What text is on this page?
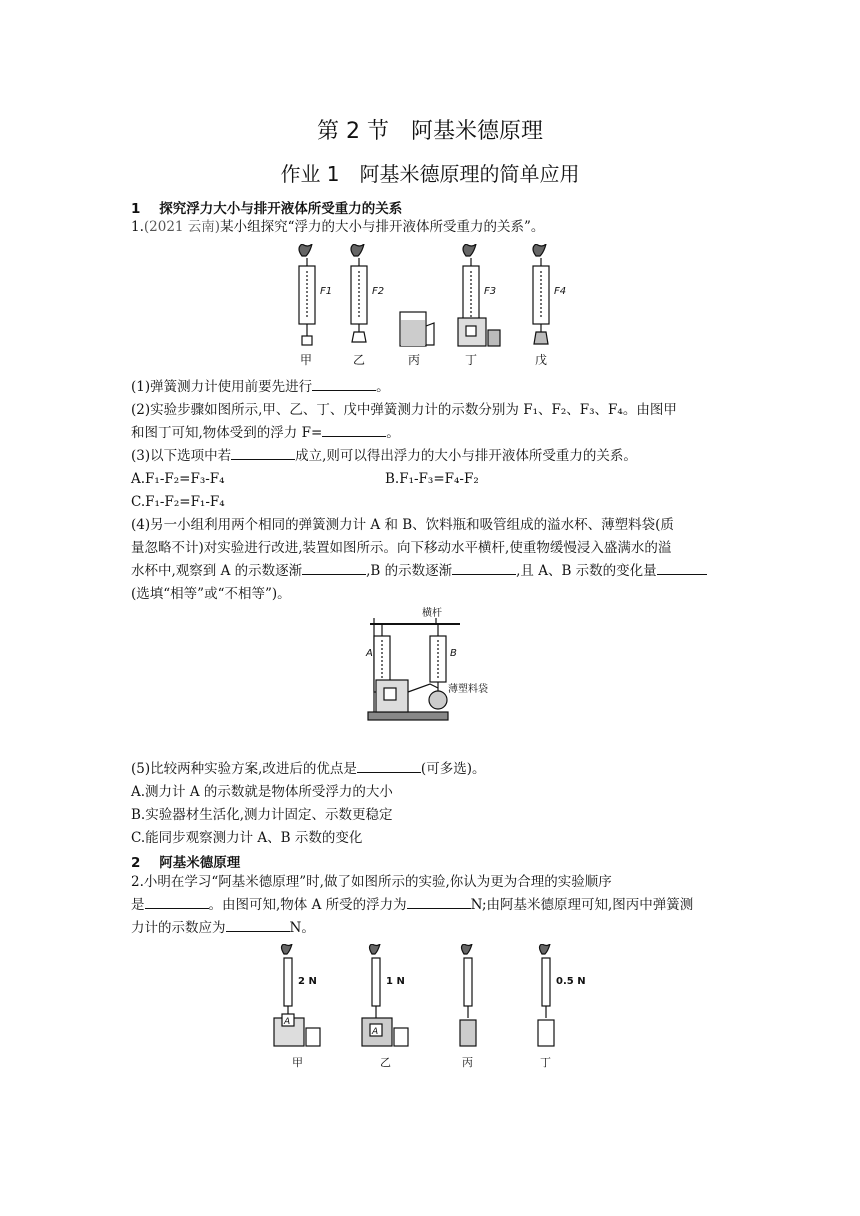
第 2 节　阿基米德原理
作业 1　阿基米德原理的简单应用
1 探究浮力大小与排开液体所受重力的关系
1.(2021 云南)某小组探究“浮力的大小与排开液体所受重力的关系”。
F1	F2	F3	F4
甲	乙	丙	丁	戊
(1)弹簧测力计使用前要先进行	。
(2)实验步骤如图所示,甲、乙、丁、戊中弹簧测力计的示数分别为 F₁、F₂、F₃、F₄。由图甲
和图丁可知,物体受到的浮力 F=	。
(3)以下选项中若	成立,则可以得出浮力的大小与排开液体所受重力的关系。
A.F₁-F₂=F₃-F₄	B.F₁-F₃=F₄-F₂
C.F₁-F₂=F₁-F₄
(4)另一小组利用两个相同的弹簧测力计 A 和 B、饮料瓶和吸管组成的溢水杯、薄塑料袋(质
量忽略不计)对实验进行改进,装置如图所示。向下移动水平横杆,使重物缓慢浸入盛满水的溢
水杯中,观察到 A 的示数逐渐	,B 的示数逐渐	,且 A、B 示数的变化量
(选填“相等”或“不相等”)。
横杆
薄塑料袋
A	B
(5)比较两种实验方案,改进后的优点是	(可多选)。
A.测力计 A 的示数就是物体所受浮力的大小
B.实验器材生活化,测力计固定、示数更稳定
C.能同步观察测力计 A、B 示数的变化
2 阿基米德原理
2.小明在学习“阿基米德原理”时,做了如图所示的实验,你认为更为合理的实验顺序
是	。由图可知,物体 A 所受的浮力为	N;由阿基米德原理可知,图丙中弹簧测
力计的示数应为	N。
2 N	1 N	0.5 N
A
A
甲	乙	丙	丁
